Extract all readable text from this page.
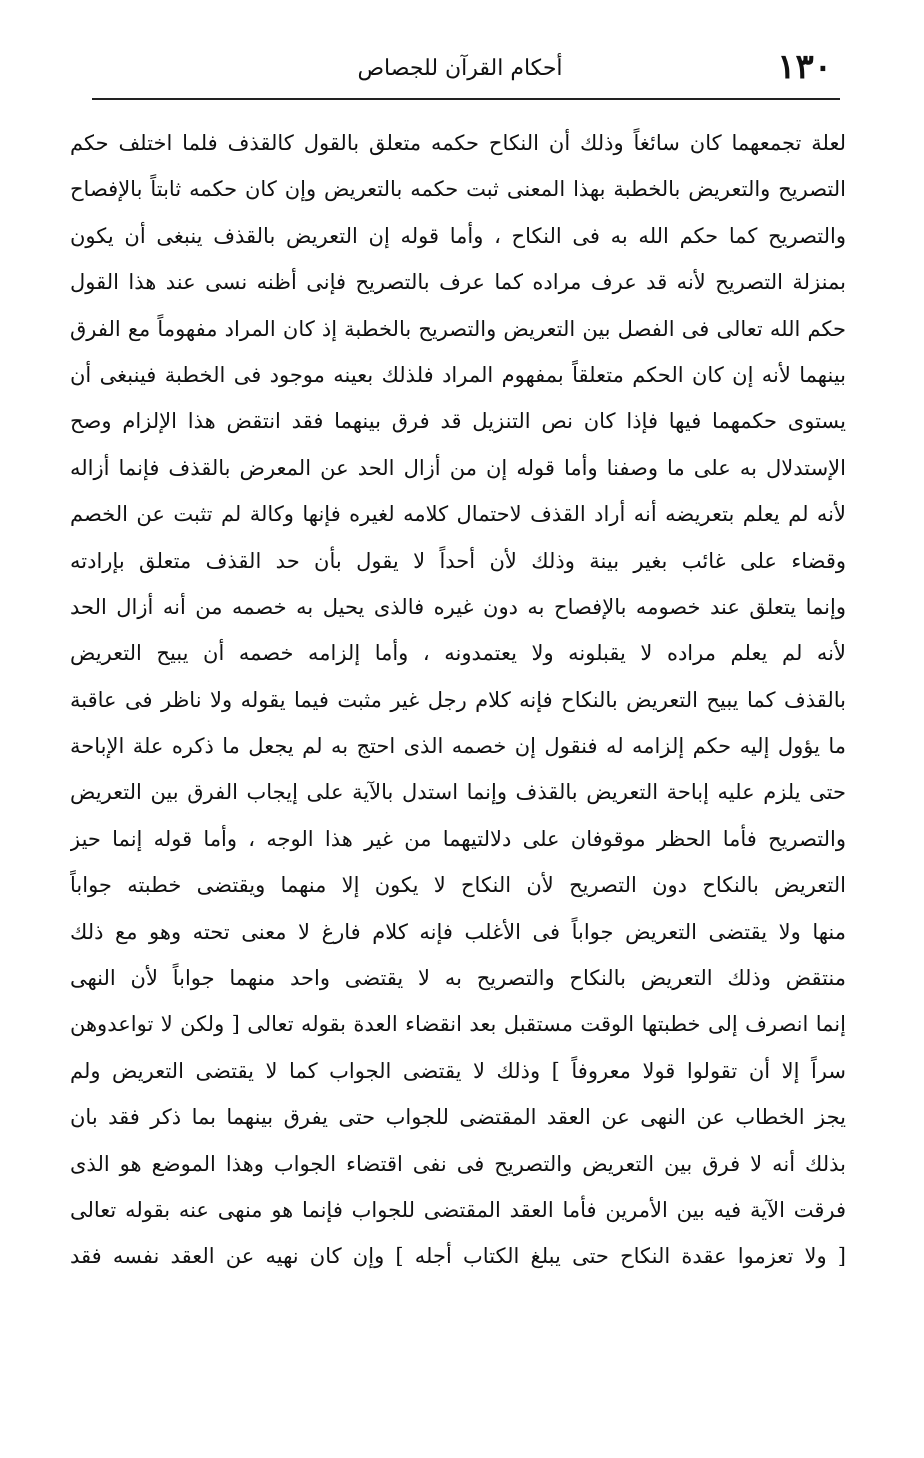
١٣٠
أحكام القرآن للجصاص
لعلة تجمعهما كان سائغاً وذلك أن النكاح حكمه متعلق بالقول كالقذف فلما اختلف حكم
التصريح والتعريض بالخطبة بهذا المعنى ثبت حكمه بالتعريض وإن كان حكمه ثابتاً بالإفصاح
والتصريح كما حكم الله به فى النكاح ، وأما قوله إن التعريض بالقذف ينبغى أن يكون
بمنزلة التصريح لأنه قد عرف مراده كما عرف بالتصريح فإنى أظنه نسى عند هذا القول
حكم الله تعالى فى الفصل بين التعريض والتصريح بالخطبة إذ كان المراد مفهوماً مع الفرق
بينهما لأنه إن كان الحكم متعلقاً بمفهوم المراد فلذلك بعينه موجود فى الخطبة فينبغى أن
يستوى حكمهما فيها فإذا كان نص التنزيل قد فرق بينهما فقد انتقض هذا الإلزام وصح
الإستدلال به على ما وصفنا وأما قوله إن من أزال الحد عن المعرض بالقذف فإنما أزاله
لأنه لم يعلم بتعريضه أنه أراد القذف لاحتمال كلامه لغيره فإنها وكالة لم تثبت عن الخصم
وقضاء على غائب بغير بينة وذلك لأن أحداً لا يقول بأن حد القذف متعلق بإرادته
وإنما يتعلق عند خصومه بالإفصاح به دون غيره فالذى يحيل به خصمه من أنه أزال الحد
لأنه لم يعلم مراده لا يقبلونه ولا يعتمدونه ، وأما إلزامه خصمه أن يبيح التعريض
بالقذف كما يبيح التعريض بالنكاح فإنه كلام رجل غير مثبت فيما يقوله ولا ناظر فى عاقبة
ما يؤول إليه حكم إلزامه له فنقول إن خصمه الذى احتج به لم يجعل ما ذكره علة الإباحة
حتى يلزم عليه إباحة التعريض بالقذف وإنما استدل بالآية على إيجاب الفرق بين التعريض
والتصريح فأما الحظر موقوفان على دلالتيهما من غير هذا الوجه ، وأما قوله إنما حيز
التعريض بالنكاح دون التصريح لأن النكاح لا يكون إلا منهما ويقتضى خطبته جواباً
منها ولا يقتضى التعريض جواباً فى الأغلب فإنه كلام فارغ لا معنى تحته وهو مع ذلك
منتقض وذلك التعريض بالنكاح والتصريح به لا يقتضى واحد منهما جواباً لأن النهى
إنما انصرف إلى خطبتها الوقت مستقبل بعد انقضاء العدة بقوله تعالى [ ولكن لا تواعدوهن
سراً إلا أن تقولوا قولا معروفاً ] وذلك لا يقتضى الجواب كما لا يقتضى التعريض ولم
يجز الخطاب عن النهى عن العقد المقتضى للجواب حتى يفرق بينهما بما ذكر فقد بان
بذلك أنه لا فرق بين التعريض والتصريح فى نفى اقتضاء الجواب وهذا الموضع هو الذى
فرقت الآية فيه بين الأمرين فأما العقد المقتضى للجواب فإنما هو منهى عنه بقوله تعالى
[ ولا تعزموا عقدة النكاح حتى يبلغ الكتاب أجله ] وإن كان نهيه عن العقد نفسه فقد
